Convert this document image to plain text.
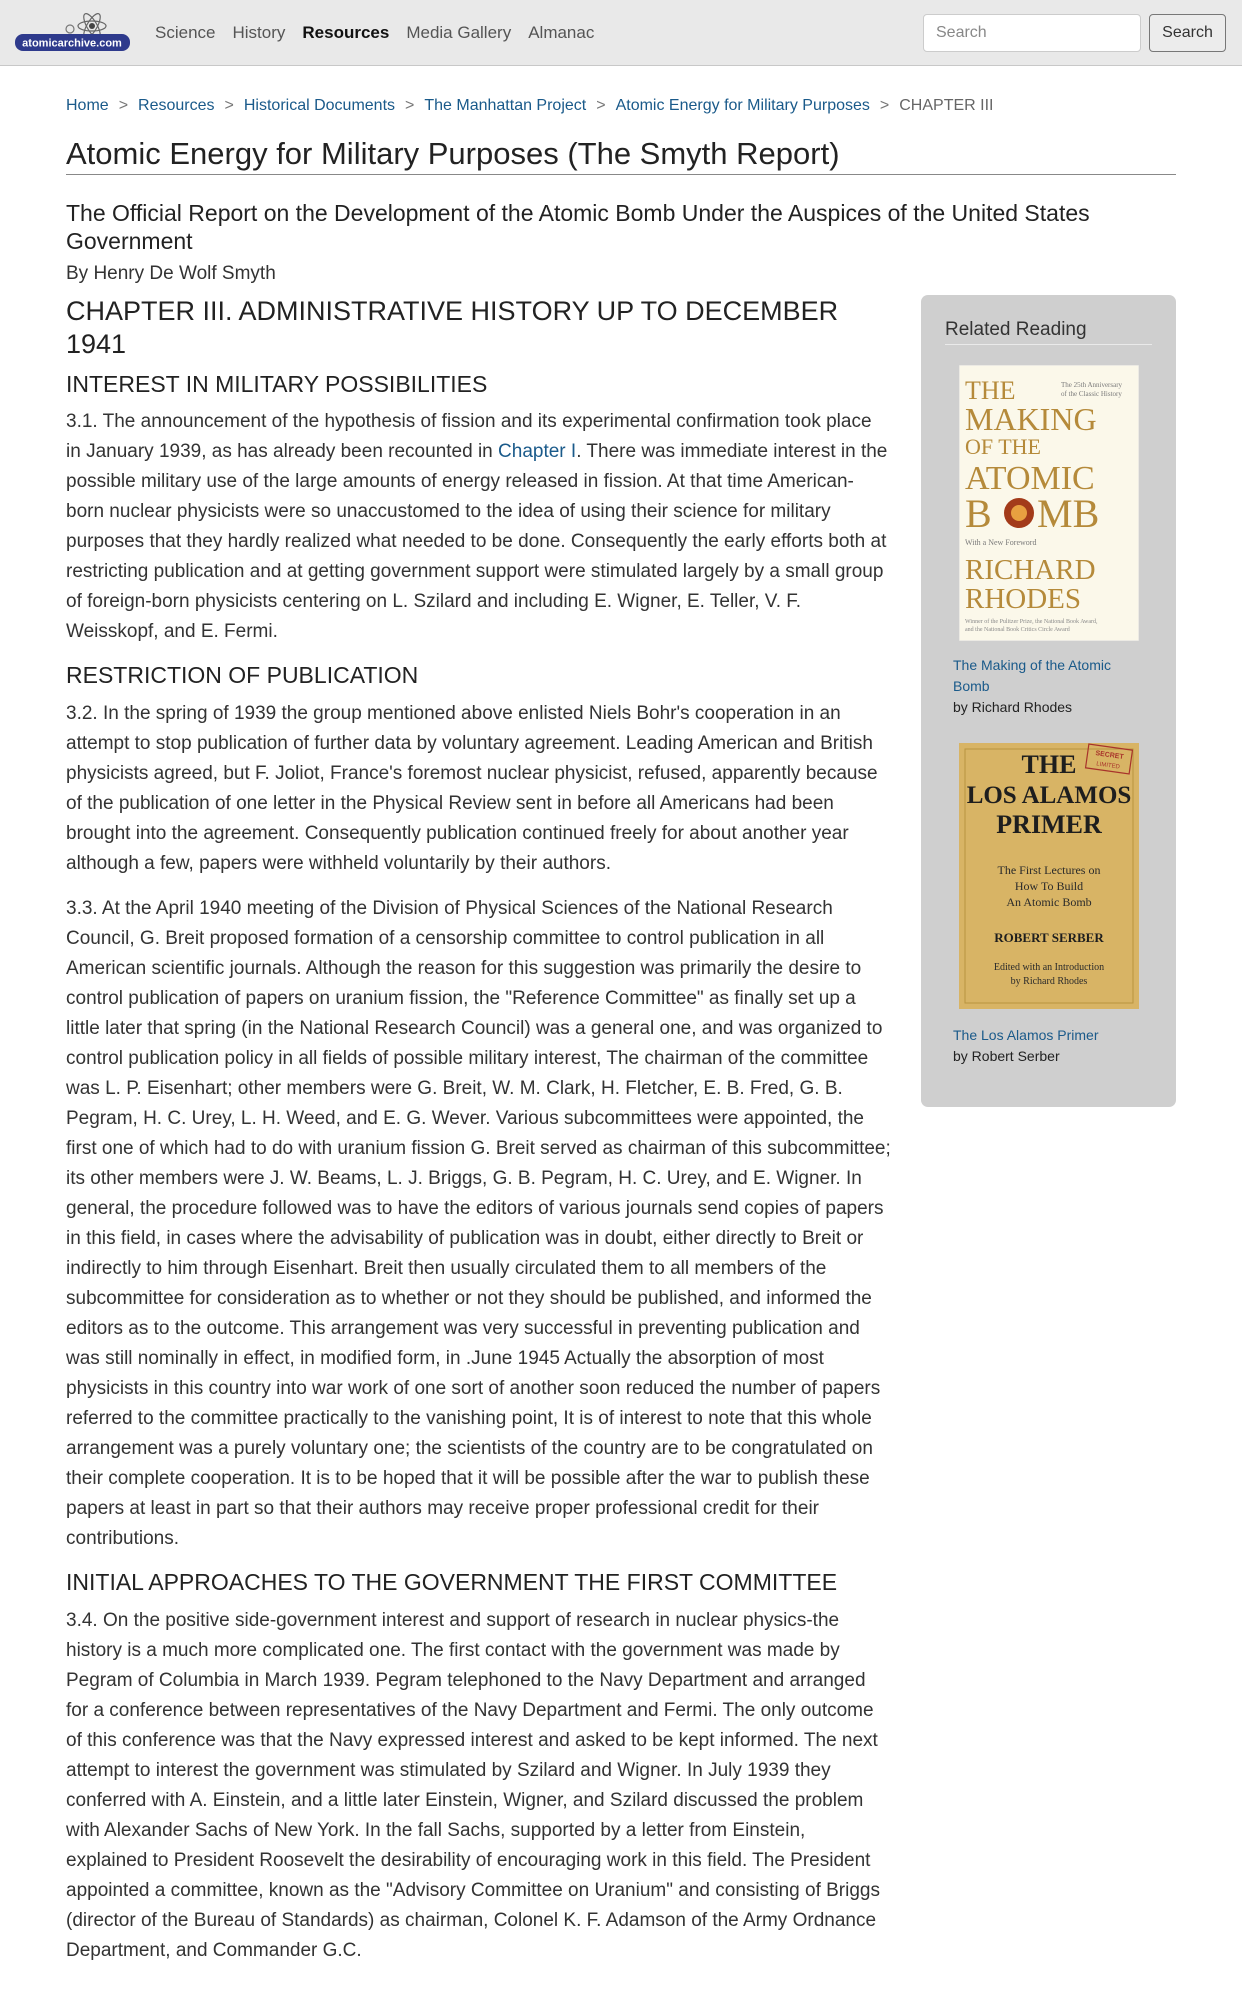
atomicarchive.com
Science History Resources Media Gallery Almanac
Search	Search
Home > Resources > Historical Documents > The Manhattan Project > Atomic Energy for Military Purposes > CHAPTER III
Atomic Energy for Military Purposes (The Smyth Report)
The Official Report on the Development of the Atomic Bomb Under the Auspices of the United States Government
By Henry De Wolf Smyth
CHAPTER III. ADMINISTRATIVE HISTORY UP TO DECEMBER 1941
INTEREST IN MILITARY POSSIBILITIES

3.1. The announcement of the hypothesis of fission and its experimental confirmation took place in January 1939, as has already been recounted in Chapter I. There was immediate interest in the possible military use of the large amounts of energy released in fission. At that time American-born nuclear physicists were so unaccustomed to the idea of using their science for military purposes that they hardly realized what needed to be done. Consequently the early efforts both at restricting publication and at getting government support were stimulated largely by a small group of foreign-born physicists centering on L. Szilard and including E. Wigner, E. Teller, V. F. Weisskopf, and E. Fermi.

RESTRICTION OF PUBLICATION

3.2. In the spring of 1939 the group mentioned above enlisted Niels Bohr's cooperation in an attempt to stop publication of further data by voluntary agreement. Leading American and British physicists agreed, but F. Joliot, France's foremost nuclear physicist, refused, apparently because of the publication of one letter in the Physical Review sent in before all Americans had been brought into the agreement. Consequently publication continued freely for about another year although a few, papers were withheld voluntarily by their authors.

3.3. At the April 1940 meeting of the Division of Physical Sciences of the National Research Council, G. Breit proposed formation of a censorship committee to control publication in all American scientific journals. Although the reason for this suggestion was primarily the desire to control publication of papers on uranium fission, the "Reference Committee" as finally set up a little later that spring (in the National Research Council) was a general one, and was organized to control publication policy in all fields of possible military interest, The chairman of the committee was L. P. Eisenhart; other members were G. Breit, W. M. Clark, H. Fletcher, E. B. Fred, G. B. Pegram, H. C. Urey, L. H. Weed, and E. G. Wever. Various subcommittees were appointed, the first one of which had to do with uranium fission G. Breit served as chairman of this subcommittee; its other members were J. W. Beams, L. J. Briggs, G. B. Pegram, H. C. Urey, and E. Wigner. In general, the procedure followed was to have the editors of various journals send copies of papers in this field, in cases where the advisability of publication was in doubt, either directly to Breit or indirectly to him through Eisenhart. Breit then usually circulated them to all members of the subcommittee for consideration as to whether or not they should be published, and informed the editors as to the outcome. This arrangement was very successful in preventing publication and was still nominally in effect, in modified form, in .June 1945 Actually the absorption of most physicists in this country into war work of one sort of another soon reduced the number of papers referred to the committee practically to the vanishing point, It is of interest to note that this whole arrangement was a purely voluntary one; the scientists of the country are to be congratulated on their complete cooperation. It is to be hoped that it will be possible after the war to publish these papers at least in part so that their authors may receive proper professional credit for their contributions.

INITIAL APPROACHES TO THE GOVERNMENT THE FIRST COMMITTEE

3.4. On the positive side-government interest and support of research in nuclear physics-the history is a much more complicated one. The first contact with the government was made by Pegram of Columbia in March 1939. Pegram telephoned to the Navy Department and arranged for a conference between representatives of the Navy Department and Fermi. The only outcome of this conference was that the Navy expressed interest and asked to be kept informed. The next attempt to interest the government was stimulated by Szilard and Wigner. In July 1939 they conferred with A. Einstein, and a little later Einstein, Wigner, and Szilard discussed the problem with Alexander Sachs of New York. In the fall Sachs, supported by a letter from Einstein, explained to President Roosevelt the desirability of encouraging work in this field. The President appointed a committee, known as the "Advisory Committee on Uranium" and consisting of Briggs (director of the Bureau of Standards) as chairman, Colonel K. F. Adamson of the Army Ordnance Department, and Commander G.C.

Related Reading
The 25th Anniversary
of the Classic History
THE
MAKING
OF THE
ATOMIC
B MB
With a New Foreword
RICHARD
RHODES
Winner of the Pulitzer Prize, the National Book Award,
and the National Book Critics Circle Award
The Making of the Atomic Bomb
by Richard Rhodes
SECRET
LIMITED
THE
LOS ALAMOS
PRIMER
The First Lectures on
How To Build
An Atomic Bomb
ROBERT SERBER
Edited with an Introduction
by Richard Rhodes
The Los Alamos Primer
by Robert Serber
